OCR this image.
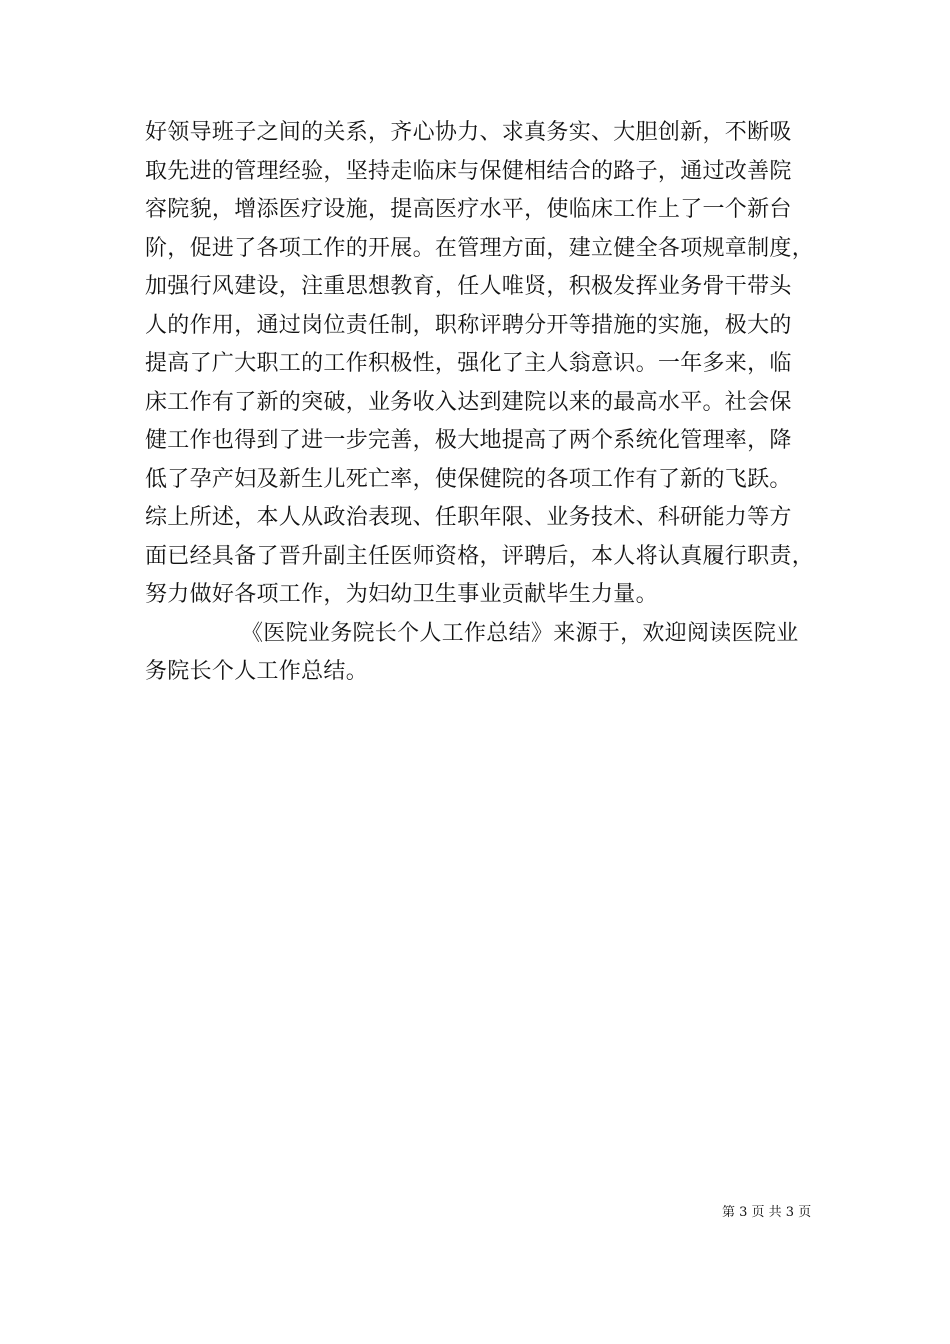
好领导班子之间的关系，齐心协力、求真务实、大胆创新，不断吸
取先进的管理经验，坚持走临床与保健相结合的路子，通过改善院
容院貌，增添医疗设施，提高医疗水平，使临床工作上了一个新台
阶，促进了各项工作的开展。在管理方面，建立健全各项规章制度，
加强行风建设，注重思想教育，任人唯贤，积极发挥业务骨干带头
人的作用，通过岗位责任制，职称评聘分开等措施的实施，极大的
提高了广大职工的工作积极性，强化了主人翁意识。一年多来，临
床工作有了新的突破，业务收入达到建院以来的最高水平。社会保
健工作也得到了进一步完善，极大地提高了两个系统化管理率，降
低了孕产妇及新生儿死亡率，使保健院的各项工作有了新的飞跃。
综上所述，本人从政治表现、任职年限、业务技术、科研能力等方
面已经具备了晋升副主任医师资格，评聘后，本人将认真履行职责，
努力做好各项工作，为妇幼卫生事业贡献毕生力量。
《医院业务院长个人工作总结》来源于，欢迎阅读医院业
务院长个人工作总结。
第 3 页 共 3 页
